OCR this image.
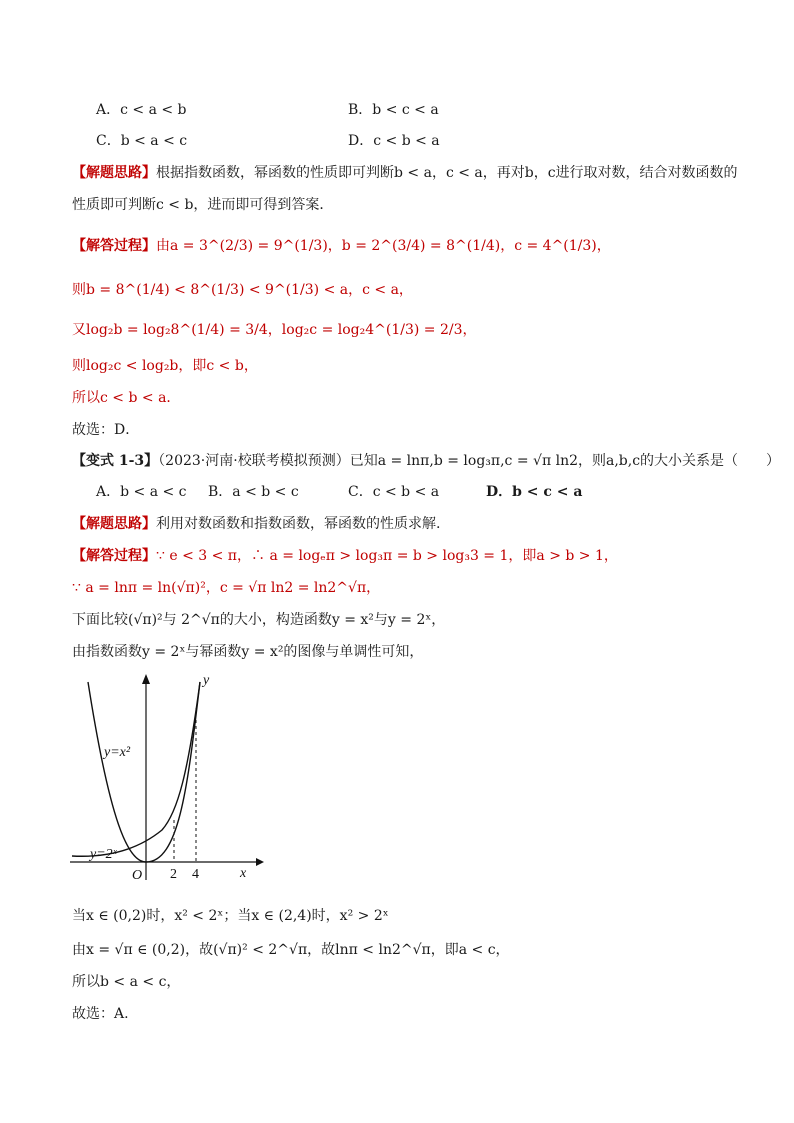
A．c < a < b	B．b < c < a
C．b < a < c	D．c < b < a
【解题思路】根据指数函数，幂函数的性质即可判断b < a，c < a，再对b，c进行取对数，结合对数函数的
性质即可判断c < b，进而即可得到答案．
【解答过程】由a = 3^(2/3) = 9^(1/3)，b = 2^(3/4) = 8^(1/4)，c = 4^(1/3)，
则b = 8^(1/4) < 8^(1/3) < 9^(1/3) < a，c < a，
又log₂b = log₂8^(1/4) = 3/4，log₂c = log₂4^(1/3) = 2/3，
则log₂c < log₂b，即c < b，
所以c < b < a．
故选：D．
【变式 1-3】（2023·河南·校联考模拟预测）已知a = lnπ,b = log₃π,c = √π ln2，则a,b,c的大小关系是（　　）
A．b < a < c B．a < b < c	C．c < b < a	D．b < c < a
【解题思路】利用对数函数和指数函数，幂函数的性质求解.
【解答过程】∵ e < 3 < π，∴ a = logₑπ > log₃π = b > log₃3 = 1，即a > b > 1，
∵ a = lnπ = ln(√π)²，c = √π ln2 = ln2^√π，
下面比较(√π)²与 2^√π的大小，构造函数y = x²与y = 2ˣ，
由指数函数y = 2ˣ与幂函数y = x²的图像与单调性可知，
y
x
O 2 4
y=x²
y=2ˣ
当x ∈ (0,2)时，x² < 2ˣ；当x ∈ (2,4)时，x² > 2ˣ
由x = √π ∈ (0,2)，故(√π)² < 2^√π，故lnπ < ln2^√π，即a < c，
所以b < a < c，
故选：A.
